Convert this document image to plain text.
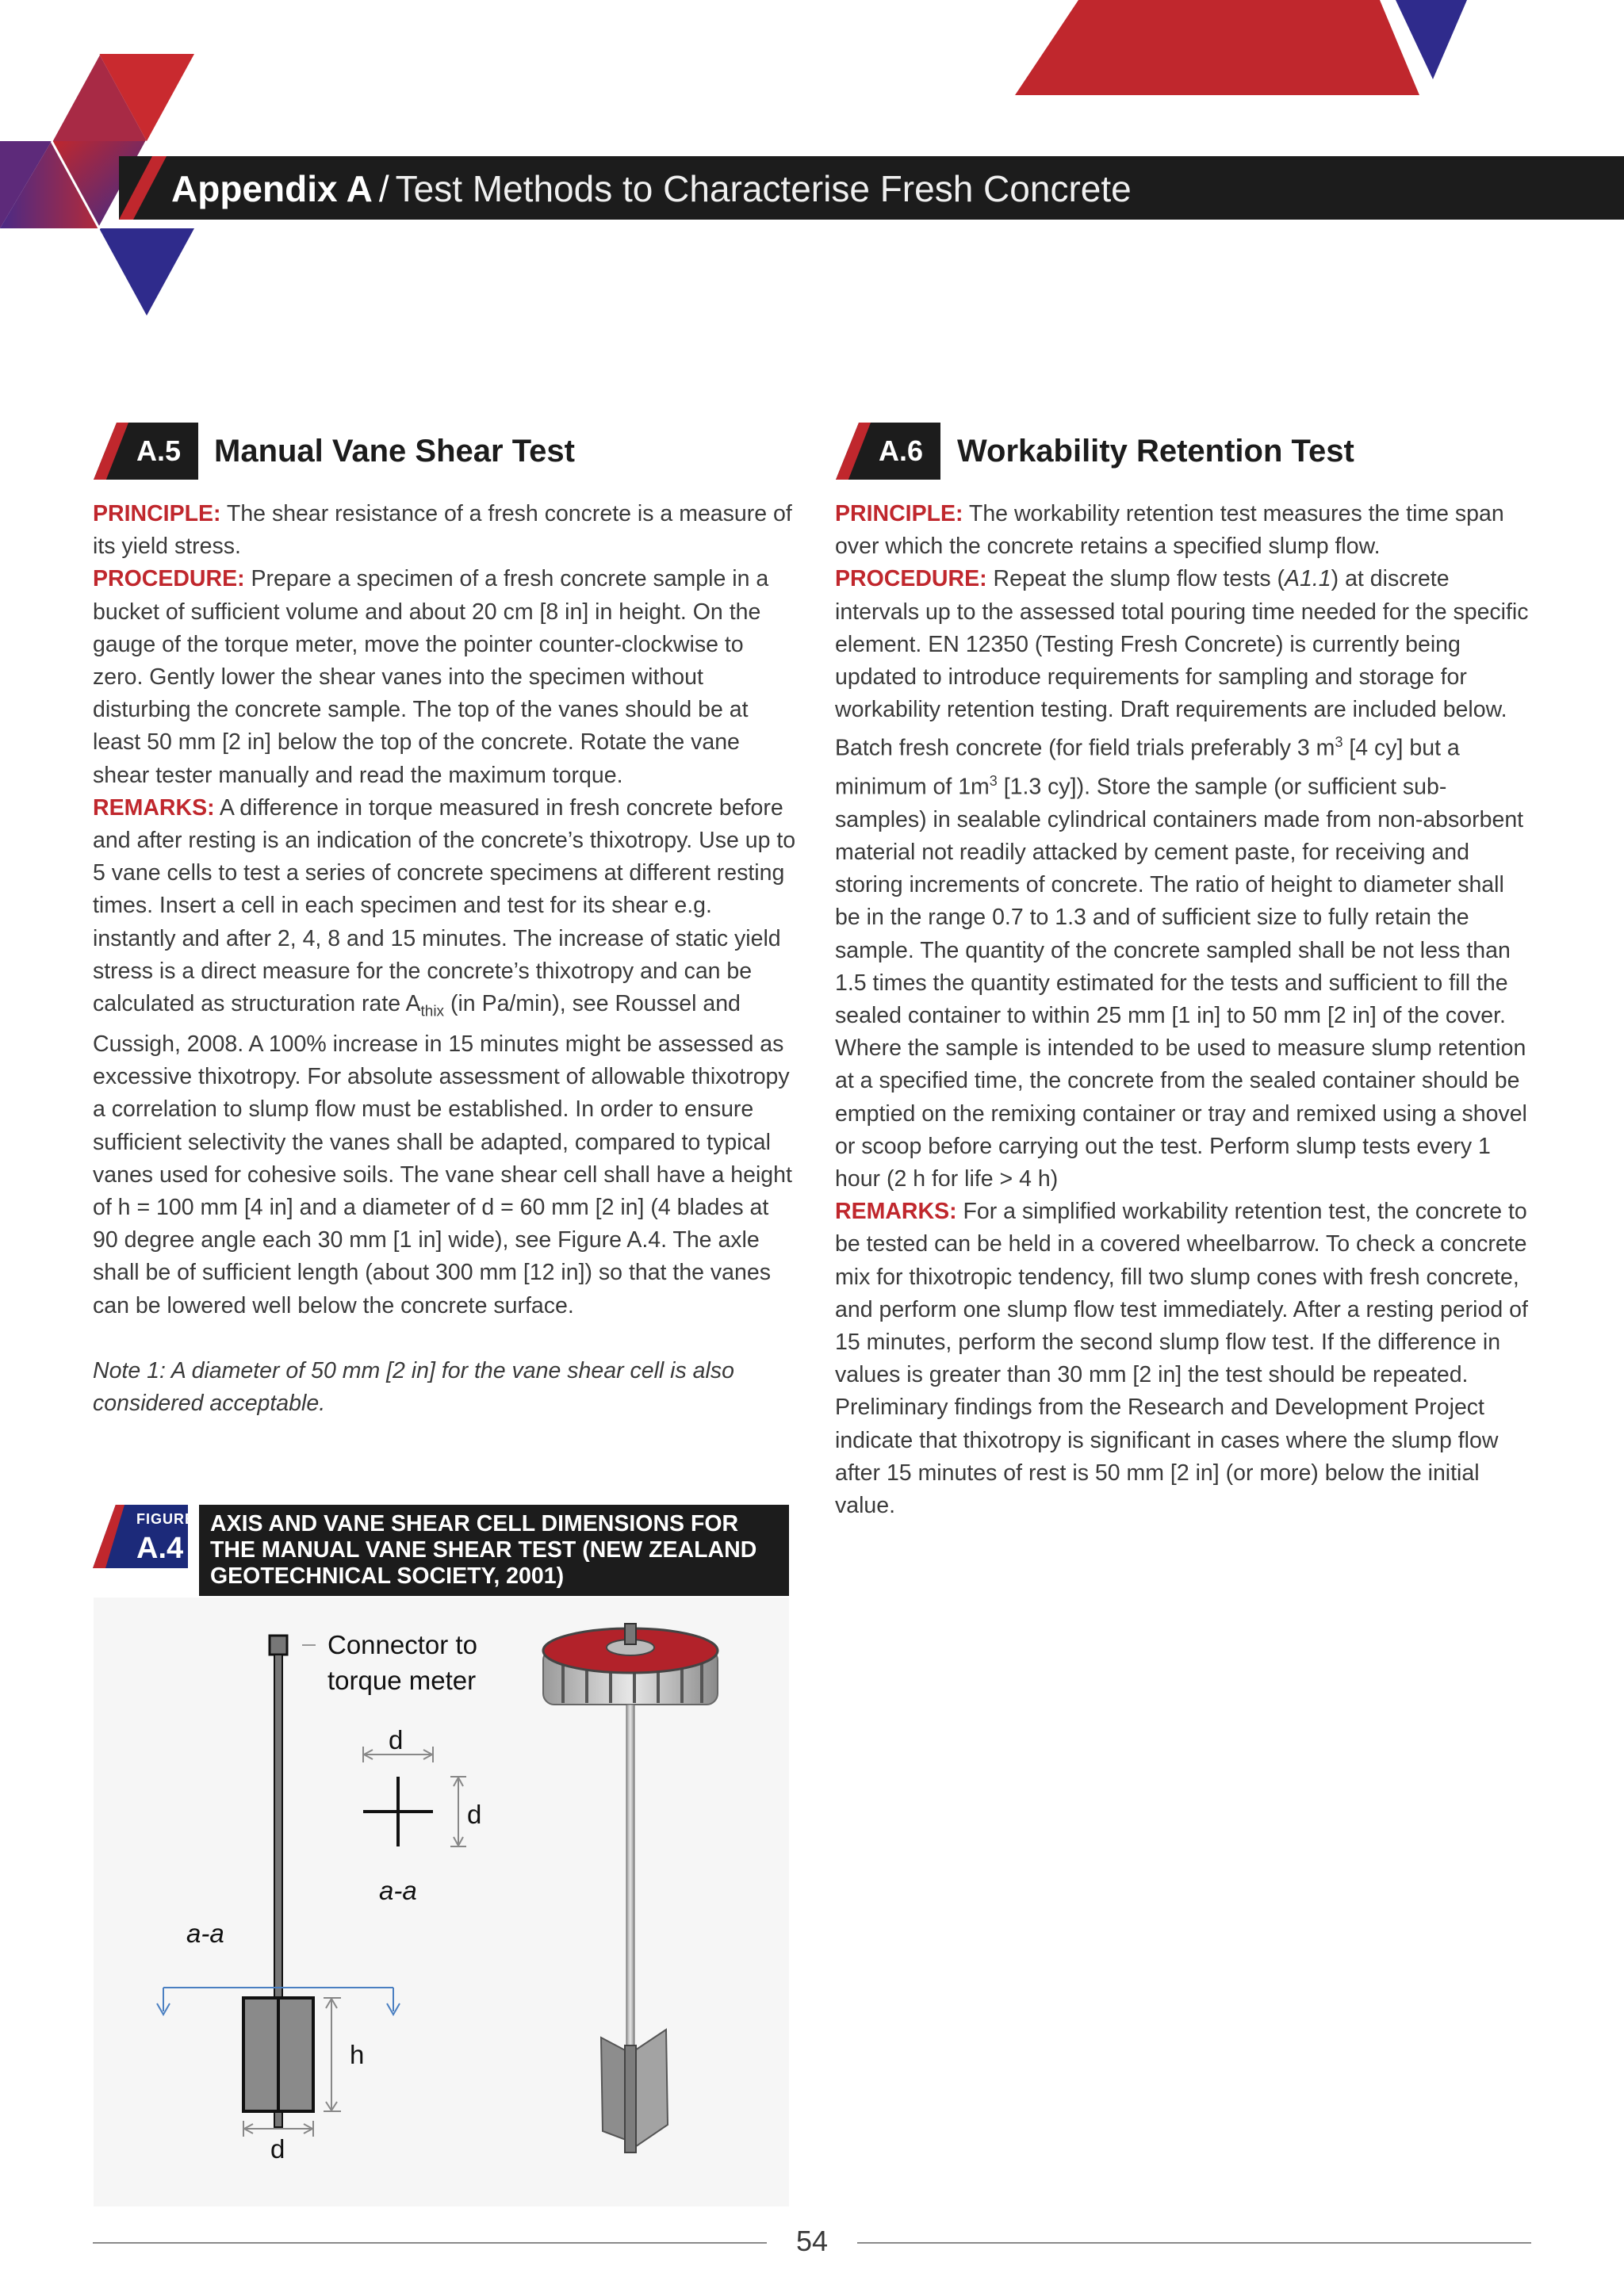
Appendix A / Test Methods to Characterise Fresh Concrete
A.5 Manual Vane Shear Test	A.6 Workability Retention Test

PRINCIPLE: The shear resistance of a fresh concrete is a measure of its yield stress.

PROCEDURE: Prepare a specimen of a fresh concrete sample in a bucket of sufficient volume and about 20 cm [8 in] in height. On the gauge of the torque meter, move the pointer counter-clockwise to zero. Gently lower the shear vanes into the specimen without disturbing the concrete sample. The top of the vanes should be at least 50 mm [2 in] below the top of the concrete. Rotate the vane shear tester manually and read the maximum torque.

REMARKS: A difference in torque measured in fresh concrete before and after resting is an indication of the concrete’s thixotropy. Use up to 5 vane cells to test a series of concrete specimens at different resting times. Insert a cell in each specimen and test for its shear e.g. instantly and after 2, 4, 8 and 15 minutes. The increase of static yield stress is a direct measure for the concrete’s thixotropy and can be calculated as structuration rate $A_{thix}$ (in Pa/min), see Roussel and Cussigh, 2008. A 100% increase in 15 minutes might be assessed as excessive thixotropy. For absolute assessment of allowable thixotropy a correlation to slump flow must be established. In order to ensure sufficient selectivity the vanes shall be adapted, compared to typical vanes used for cohesive soils. The vane shear cell shall have a height of h = 100 mm [4 in] and a diameter of d = 60 mm [2 in] (4 blades at 90 degree angle each 30 mm [1 in] wide), see Figure A.4. The axle shall be of sufficient length (about 300 mm [12 in]) so that the vanes can be lowered well below the concrete surface.

Note 1: A diameter of 50 mm [2 in] for the vane shear cell is also considered acceptable.

PRINCIPLE: The workability retention test measures the time span over which the concrete retains a specified slump flow.

PROCEDURE: Repeat the slump flow tests (A1.1) at discrete intervals up to the assessed total pouring time needed for the specific element. EN 12350 (Testing Fresh Concrete) is currently being updated to introduce requirements for sampling and storage for workability retention testing. Draft requirements are included below.

Batch fresh concrete (for field trials preferably 3 $m^3$ [4 cy] but a minimum of $1m^3$ [1.3 cy]). Store the sample (or sufficient sub-samples) in sealable cylindrical containers made from non-absorbent material not readily attacked by cement paste, for receiving and storing increments of concrete. The ratio of height to diameter shall be in the range 0.7 to 1.3 and of sufficient size to fully retain the sample. The quantity of the concrete sampled shall be not less than 1.5 times the quantity estimated for the tests and sufficient to fill the sealed container to within 25 mm [1 in] to 50 mm [2 in] of the cover. Where the sample is intended to be used to measure slump retention at a specified time, the concrete from the sealed container should be emptied on the remixing container or tray and remixed using a shovel or scoop before carrying out the test. Perform slump tests every 1 hour (2 h for life > 4 h)

REMARKS: For a simplified workability retention test, the concrete to be tested can be held in a covered wheelbarrow. To check a concrete mix for thixotropic tendency, fill two slump cones with fresh concrete, and perform one slump flow test immediately. After a resting period of 15 minutes, perform the second slump flow test. If the difference in values is greater than 30 mm [2 in] the test should be repeated. Preliminary findings from the Research and Development Project indicate that thixotropy is significant in cases where the slump flow after 15 minutes of rest is 50 mm [2 in] (or more) below the initial value.

FIGURE
A.4
AXIS AND VANE SHEAR CELL DIMENSIONS FOR THE MANUAL VANE SHEAR TEST (NEW ZEALAND GEOTECHNICAL SOCIETY, 2001)
Connector to
torque meter
d
d
a-a
a-a
h
d
54
